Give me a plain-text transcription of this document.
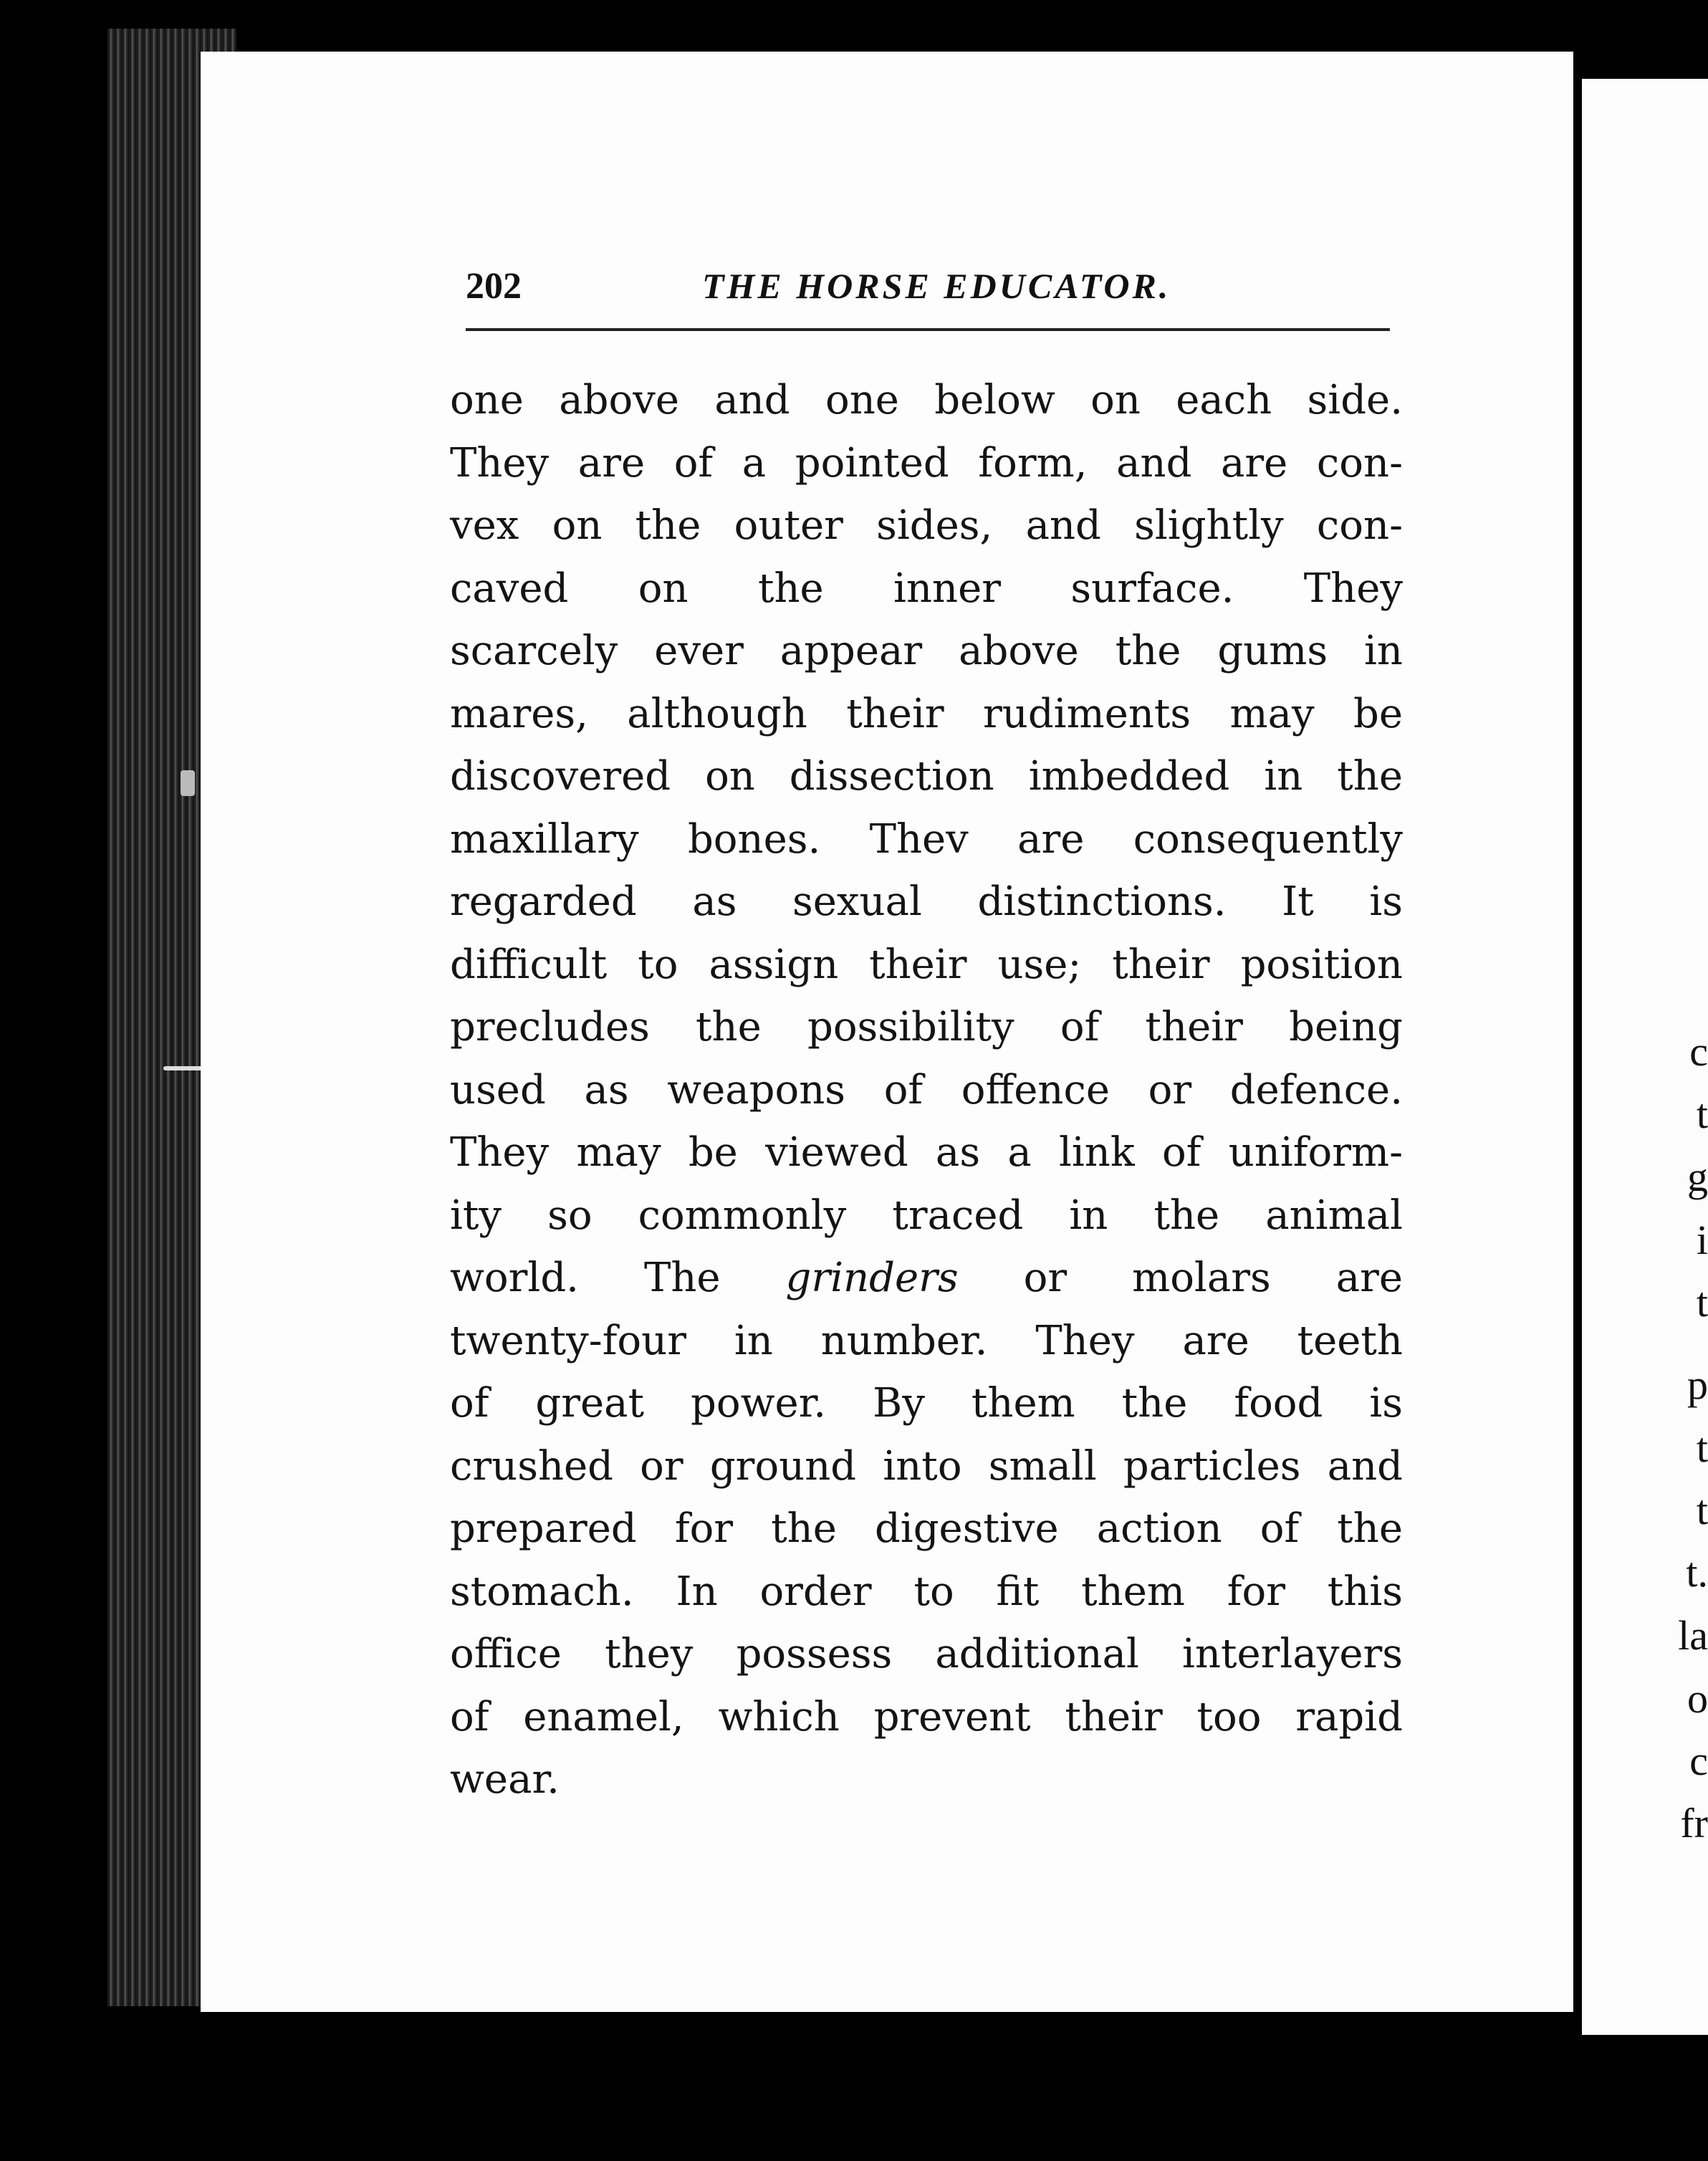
c
t
g
i
t
p
t
t
t.
la
o
c
fr
202	THE HORSE EDUCATOR.
one above and one below on each side.
They are of a pointed form, and are con-
vex on the outer sides, and slightly con-
caved on the inner surface. They
scarcely ever appear above the gums in
mares, although their rudiments may be
discovered on dissection imbedded in the
maxillary bones. Thev are consequently
regarded as sexual distinctions. It is
difficult to assign their use; their position
precludes the possibility of their being
used as weapons of offence or defence.
They may be viewed as a link of uniform-
ity so commonly traced in the animal
world. The grinders or molars are
twenty-four in number. They are teeth
of great power. By them the food is
crushed or ground into small particles and
prepared for the digestive action of the
stomach. In order to fit them for this
office they possess additional interlayers
of enamel, which prevent their too rapid
wear.
